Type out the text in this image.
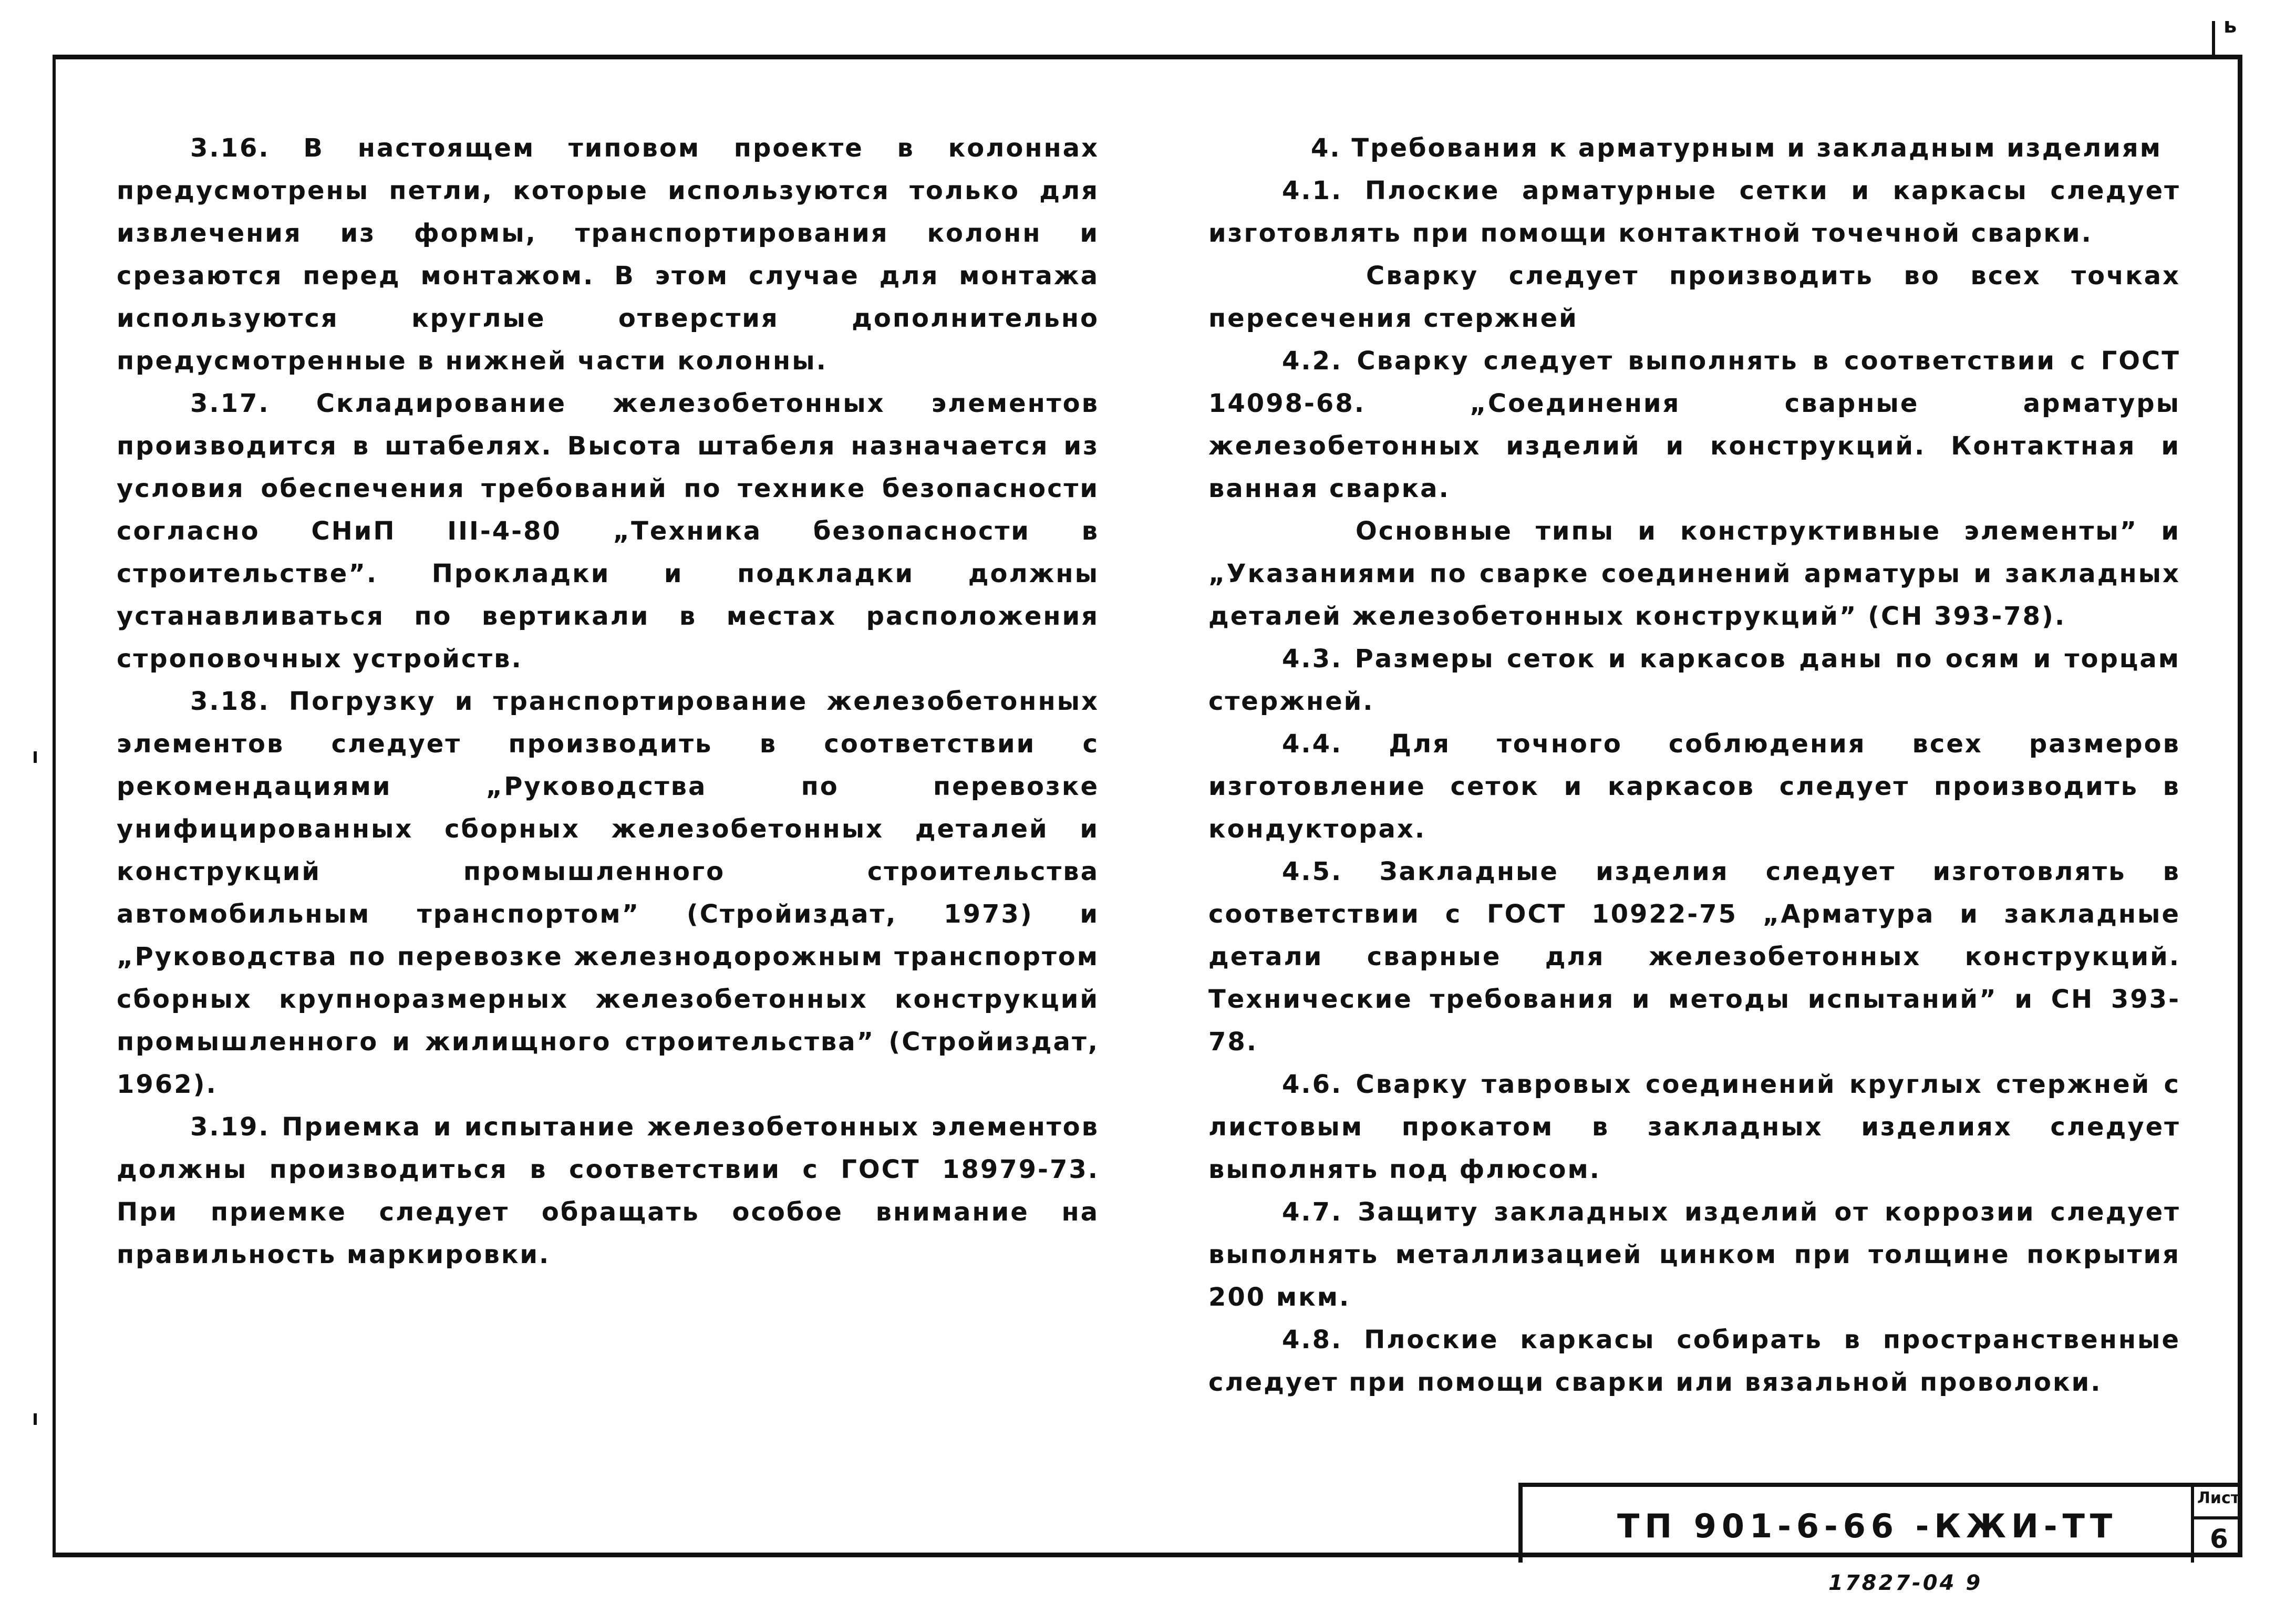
ь

3.16. В настоящем типовом проекте в колоннах предусмотрены петли, которые используются только для извлечения из формы, транспортирования колонн и срезаются перед монтажом. В этом случае для монтажа используются круглые отверстия дополнительно предусмотренные в нижней части колонны.

3.17. Складирование железобетонных элементов производится в штабелях. Высота штабеля назначается из условия обеспечения требований по технике безопасности согласно СНиП III-4-80 „Техника безопасности в строительстве”. Прокладки и подкладки должны устанавливаться по вертикали в местах расположения строповочных устройств.

3.18. Погрузку и транспортирование железобетонных элементов следует производить в соответствии с рекомендациями „Руководства по перевозке унифицированных сборных железобетонных деталей и конструкций промышленного строительства автомобильным транспортом” (Стройиздат, 1973) и „Руководства по перевозке железнодорожным транспортом сборных крупноразмерных железобетонных конструкций промышленного и жилищного строительства” (Стройиздат, 1962).

3.19. Приемка и испытание железобетонных элементов должны производиться в соответствии с ГОСТ 18979-73. При приемке следует обращать особое внимание на правильность маркировки.

4. Требования к арматурным и закладным изделиям

4.1. Плоские арматурные сетки и каркасы следует изготовлять при помощи контактной точечной сварки.

Сварку следует производить во всех точках пересечения стержней

4.2. Сварку следует выполнять в соответствии с ГОСТ 14098-68. „Соединения сварные арматуры железобетонных изделий и конструкций. Контактная и ванная сварка.

Основные типы и конструктивные элементы” и „Указаниями по сварке соединений арматуры и закладных деталей железобетонных конструкций” (СН 393-78).

4.3. Размеры сеток и каркасов даны по осям и торцам стержней.

4.4. Для точного соблюдения всех размеров изготовление сеток и каркасов следует производить в кондукторах.

4.5. Закладные изделия следует изготовлять в соответствии с ГОСТ 10922-75 „Арматура и закладные детали сварные для железобетонных конструкций. Технические требования и методы испытаний” и СН 393-78.

4.6. Сварку тавровых соединений круглых стержней с листовым прокатом в закладных изделиях следует выполнять под флюсом.

4.7. Защиту закладных изделий от коррозии следует выполнять металлизацией цинком при толщине покрытия 200 мкм.

4.8. Плоские каркасы собирать в пространственные следует при помощи сварки или вязальной проволоки.

ТП 901-6-66 -КЖИ-ТТ
Лист
6
17827-04 9
